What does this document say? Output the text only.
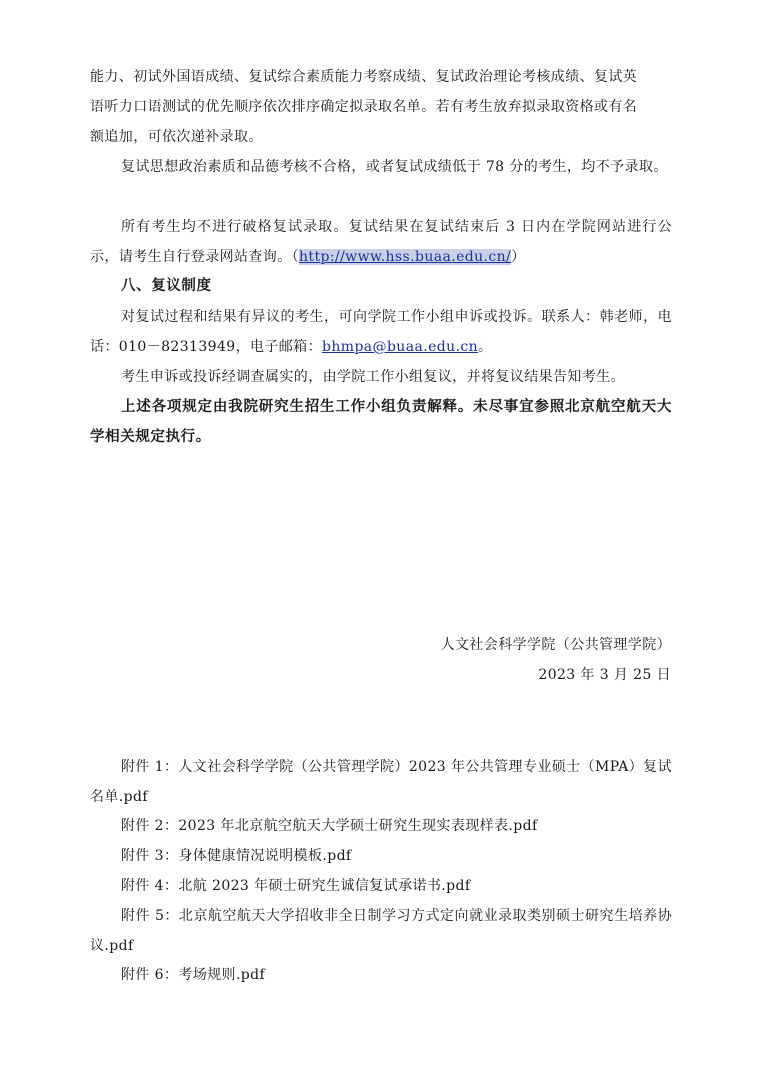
能力、初试外国语成绩、复试综合素质能力考察成绩、复试政治理论考核成绩、复试英
语听力口语测试的优先顺序依次排序确定拟录取名单。若有考生放弃拟录取资格或有名
额追加，可依次递补录取。

复试思想政治素质和品德考核不合格，或者复试成绩低于 78 分的考生，均不予录取。

所有考生均不进行破格复试录取。复试结果在复试结束后 3 日内在学院网站进行公示，请考生自行登录网站查询。（http://www.hss.buaa.edu.cn/）

八、复议制度

对复试过程和结果有异议的考生，可向学院工作小组申诉或投诉。联系人：韩老师，电话：010－82313949，电子邮箱：bhmpa@buaa.edu.cn。

考生申诉或投诉经调查属实的，由学院工作小组复议，并将复议结果告知考生。

上述各项规定由我院研究生招生工作小组负责解释。未尽事宜参照北京航空航天大学相关规定执行。

人文社会科学学院（公共管理学院）
2023 年 3 月 25 日

附件 1：人文社会科学学院（公共管理学院）2023 年公共管理专业硕士（MPA）复试名单.pdf

附件 2：2023 年北京航空航天大学硕士研究生现实表现样表.pdf

附件 3：身体健康情况说明模板.pdf

附件 4：北航 2023 年硕士研究生诚信复试承诺书.pdf

附件 5：北京航空航天大学招收非全日制学习方式定向就业录取类别硕士研究生培养协议.pdf

附件 6：考场规则.pdf
